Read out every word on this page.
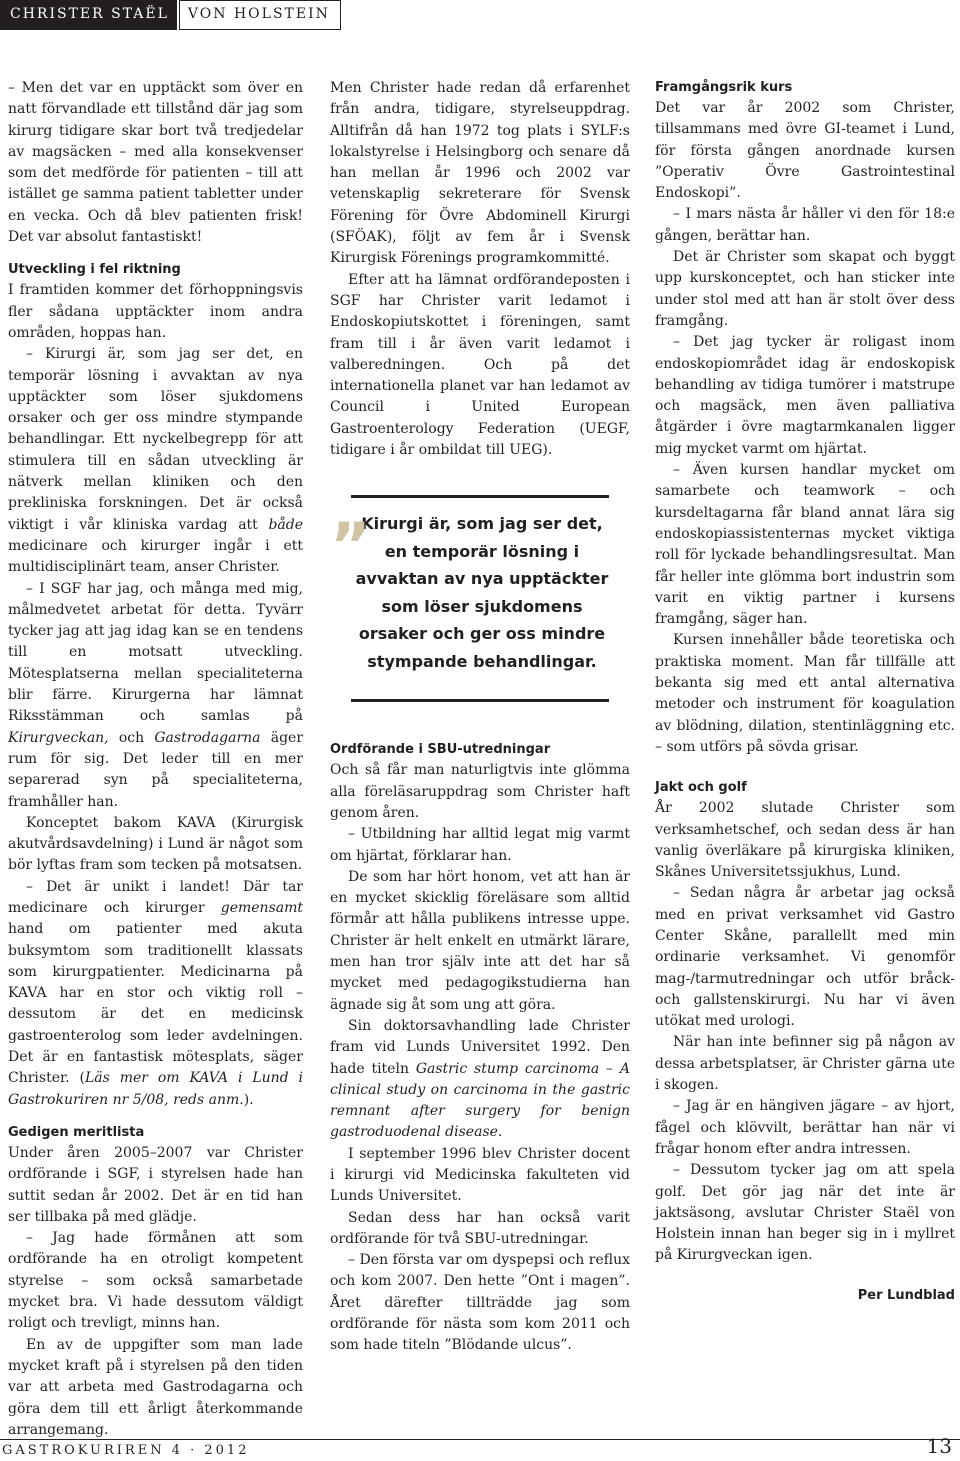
CHRISTER STAËL	VON HOLSTEIN

– Men det var en upptäckt som över en natt förvandlade ett tillstånd där jag som kirurg tidigare skar bort två tredjedelar av magsäcken – med alla konsekvenser som det medförde för patienten – till att istället ge samma patient tabletter under en vecka. Och då blev patienten frisk! Det var absolut fantastiskt!

Utveckling i fel riktning

I framtiden kommer det förhoppningsvis fler sådana upptäckter inom andra områden, hoppas han.

– Kirurgi är, som jag ser det, en temporär lösning i avvaktan av nya upptäckter som löser sjukdomens orsaker och ger oss mindre stympande behandlingar. Ett nyckelbegrepp för att stimulera till en sådan utveckling är nätverk mellan kliniken och den prekliniska forskningen. Det är också viktigt i vår kliniska vardag att både medicinare och kirurger ingår i ett multidisciplinärt team, anser Christer.

– I SGF har jag, och många med mig, målmedvetet arbetat för detta. Tyvärr tycker jag att jag idag kan se en tendens till en motsatt utveckling. Mötesplatserna mellan specialiteterna blir färre. Kirurgerna har lämnat Riksstämman och samlas på Kirurgveckan, och Gastrodagarna äger rum för sig. Det leder till en mer separerad syn på specialiteterna, framhåller han.

Konceptet bakom KAVA (Kirurgisk akutvårdsavdelning) i Lund är något som bör lyftas fram som tecken på motsatsen.

– Det är unikt i landet! Där tar medicinare och kirurger gemensamt hand om patienter med akuta buksymtom som traditionellt klassats som kirurgpatienter. Medicinarna på KAVA har en stor och viktig roll – dessutom är det en medicinsk gastroenterolog som leder avdelningen. Det är en fantastisk mötesplats, säger Christer. (Läs mer om KAVA i Lund i Gastrokuriren nr 5/08, reds anm.).

Gedigen meritlista

Under åren 2005–2007 var Christer ordförande i SGF, i styrelsen hade han suttit sedan år 2002. Det är en tid han ser tillbaka på med glädje.

– Jag hade förmånen att som ordförande ha en otroligt kompetent styrelse – som också samarbetade mycket bra. Vi hade dessutom väldigt roligt och trevligt, minns han.

En av de uppgifter som man lade mycket kraft på i styrelsen på den tiden var att arbeta med Gastrodagarna och göra dem till ett årligt återkommande arrangemang.

Men Christer hade redan då erfarenhet från andra, tidigare, styrelseuppdrag. Alltifrån då han 1972 tog plats i SYLF:s lokalstyrelse i Helsingborg och senare då han mellan år 1996 och 2002 var vetenskaplig sekreterare för Svensk Förening för Övre Abdominell Kirurgi (SFÖAK), följt av fem år i Svensk Kirurgisk Förenings programkommitté.

Efter att ha lämnat ordförandeposten i SGF har Christer varit ledamot i Endoskopiutskottet i föreningen, samt fram till i år även varit ledamot i valberedningen. Och på det internationella planet var han ledamot av Council i United European Gastroenterology Federation (UEGF, tidigare i år ombildat till UEG).

”
Kirurgi är, som jag ser det, en temporär lösning i avvaktan av nya upptäckter som löser sjukdomens orsaker och ger oss mindre stympande behandlingar.

Ordförande i SBU-utredningar

Och så får man naturligtvis inte glömma alla föreläsaruppdrag som Christer haft genom åren.

– Utbildning har alltid legat mig varmt om hjärtat, förklarar han.

De som har hört honom, vet att han är en mycket skicklig föreläsare som alltid förmår att hålla publikens intresse uppe. Christer är helt enkelt en utmärkt lärare, men han tror själv inte att det har så mycket med pedagogikstudierna han ägnade sig åt som ung att göra.

Sin doktorsavhandling lade Christer fram vid Lunds Universitet 1992. Den hade titeln Gastric stump carcinoma – A clinical study on carcinoma in the gastric remnant after surgery for benign gastroduodenal disease.

I september 1996 blev Christer docent i kirurgi vid Medicinska fakulteten vid Lunds Universitet.

Sedan dess har han också varit ordförande för två SBU-utredningar.

– Den första var om dyspepsi och reflux och kom 2007. Den hette ”Ont i magen”. Året därefter tillträdde jag som ordförande för nästa som kom 2011 och som hade titeln ”Blödande ulcus”.

Framgångsrik kurs

Det var år 2002 som Christer, tillsammans med övre GI-teamet i Lund, för första gången anordnade kursen ”Operativ Övre Gastrointestinal Endoskopi”.

– I mars nästa år håller vi den för 18:e gången, berättar han.

Det är Christer som skapat och byggt upp kurskonceptet, och han sticker inte under stol med att han är stolt över dess framgång.

– Det jag tycker är roligast inom endoskopiområdet idag är endoskopisk behandling av tidiga tumörer i matstrupe och magsäck, men även palliativa åtgärder i övre magtarmkanalen ligger mig mycket varmt om hjärtat.

– Även kursen handlar mycket om samarbete och teamwork – och kursdeltagarna får bland annat lära sig endoskopiassistenternas mycket viktiga roll för lyckade behandlingsresultat. Man får heller inte glömma bort industrin som varit en viktig partner i kursens framgång, säger han.

Kursen innehåller både teoretiska och praktiska moment. Man får tillfälle att bekanta sig med ett antal alternativa metoder och instrument för koagulation av blödning, dilation, stentinläggning etc. – som utförs på sövda grisar.

Jakt och golf

År 2002 slutade Christer som verksamhetschef, och sedan dess är han vanlig överläkare på kirurgiska kliniken, Skånes Universitetssjukhus, Lund.

– Sedan några år arbetar jag också med en privat verksamhet vid Gastro Center Skåne, parallellt med min ordinarie verksamhet. Vi genomför mag-/tarmutredningar och utför bråck- och gallstenskirurgi. Nu har vi även utökat med urologi.

När han inte befinner sig på någon av dessa arbetsplatser, är Christer gärna ute i skogen.

– Jag är en hängiven jägare – av hjort, fågel och klövvilt, berättar han när vi frågar honom efter andra intressen.

– Dessutom tycker jag om att spela golf. Det gör jag när det inte är jaktsäsong, avslutar Christer Staël von Holstein innan han beger sig in i myllret på Kirurgveckan igen.

Per Lundblad

GASTROKURIREN 4 · 2012	13
